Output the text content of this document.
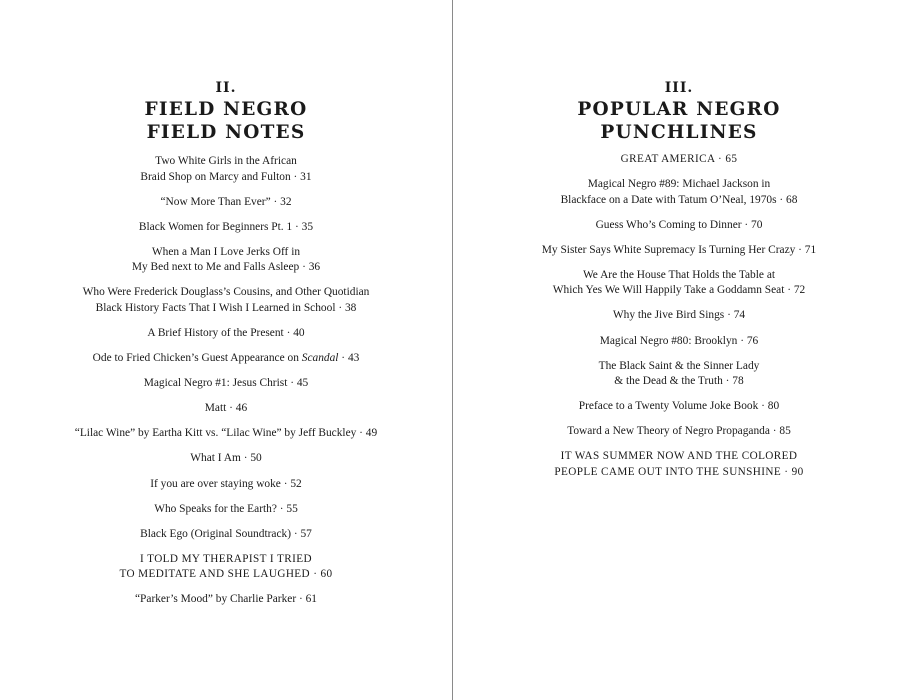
II.

FIELD NEGRO
FIELD NOTES
Two White Girls in the African
Braid Shop on Marcy and Fulton · 31
“Now More Than Ever” · 32
Black Women for Beginners Pt. 1 · 35
When a Man I Love Jerks Off in
My Bed next to Me and Falls Asleep · 36
Who Were Frederick Douglass’s Cousins, and Other Quotidian
Black History Facts That I Wish I Learned in School · 38
A Brief History of the Present · 40
Ode to Fried Chicken’s Guest Appearance on Scandal · 43
Magical Negro #1: Jesus Christ · 45
Matt · 46
“Lilac Wine” by Eartha Kitt vs. “Lilac Wine” by Jeff Buckley · 49
What I Am · 50
If you are over staying woke · 52
Who Speaks for the Earth? · 55
Black Ego (Original Soundtrack) · 57
I TOLD MY THERAPIST I TRIED
TO MEDITATE AND SHE LAUGHED · 60
“Parker’s Mood” by Charlie Parker · 61

III.

POPULAR NEGRO
PUNCHLINES
GREAT AMERICA · 65
Magical Negro #89: Michael Jackson in
Blackface on a Date with Tatum O’Neal, 1970s · 68
Guess Who’s Coming to Dinner · 70
My Sister Says White Supremacy Is Turning Her Crazy · 71
We Are the House That Holds the Table at
Which Yes We Will Happily Take a Goddamn Seat · 72
Why the Jive Bird Sings · 74
Magical Negro #80: Brooklyn · 76
The Black Saint & the Sinner Lady
& the Dead & the Truth · 78
Preface to a Twenty Volume Joke Book · 80
Toward a New Theory of Negro Propaganda · 85
IT WAS SUMMER NOW AND THE COLORED
PEOPLE CAME OUT INTO THE SUNSHINE · 90
